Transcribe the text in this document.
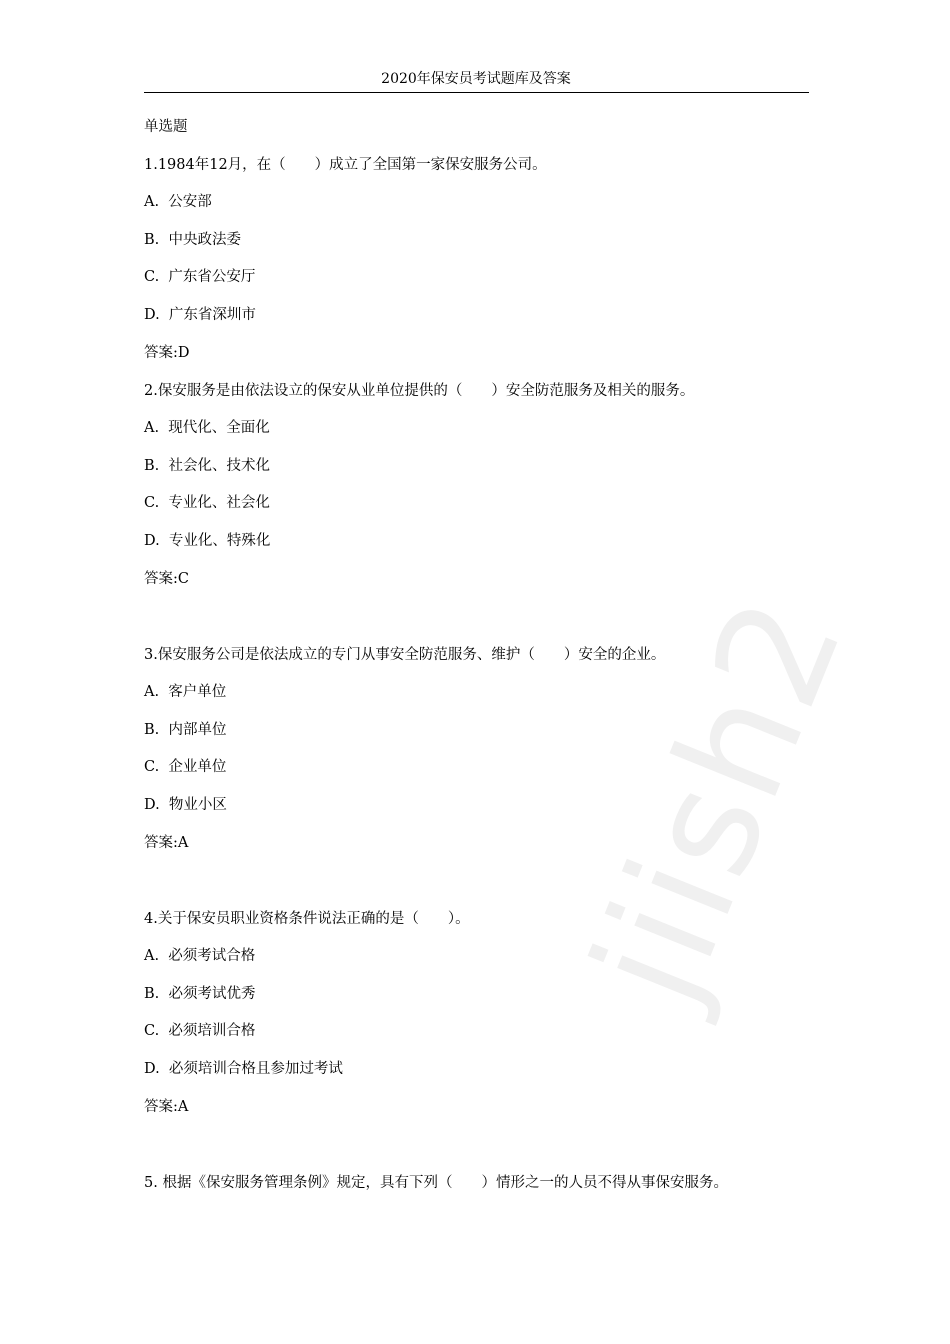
2020年保安员考试题库及答案
单选题
1.1984年12月，在（　　）成立了全国第一家保安服务公司。
A.  公安部
B.  中央政法委
C.  广东省公安厅
D.  广东省深圳市
答案:D
2.保安服务是由依法设立的保安从业单位提供的（　　）安全防范服务及相关的服务。
A.  现代化、全面化
B.  社会化、技术化
C.  专业化、社会化
D.  专业化、特殊化
答案:C
3.保安服务公司是依法成立的专门从事安全防范服务、维护（　　）安全的企业。
A.  客户单位
B.  内部单位
C.  企业单位
D.  物业小区
答案:A
4.关于保安员职业资格条件说法正确的是（　　）。
A.  必须考试合格
B.  必须考试优秀
C.  必须培训合格
D.  必须培训合格且参加过考试
答案:A
5. 根据《保安服务管理条例》规定，具有下列（　　）情形之一的人员不得从事保安服务。
jiish2
